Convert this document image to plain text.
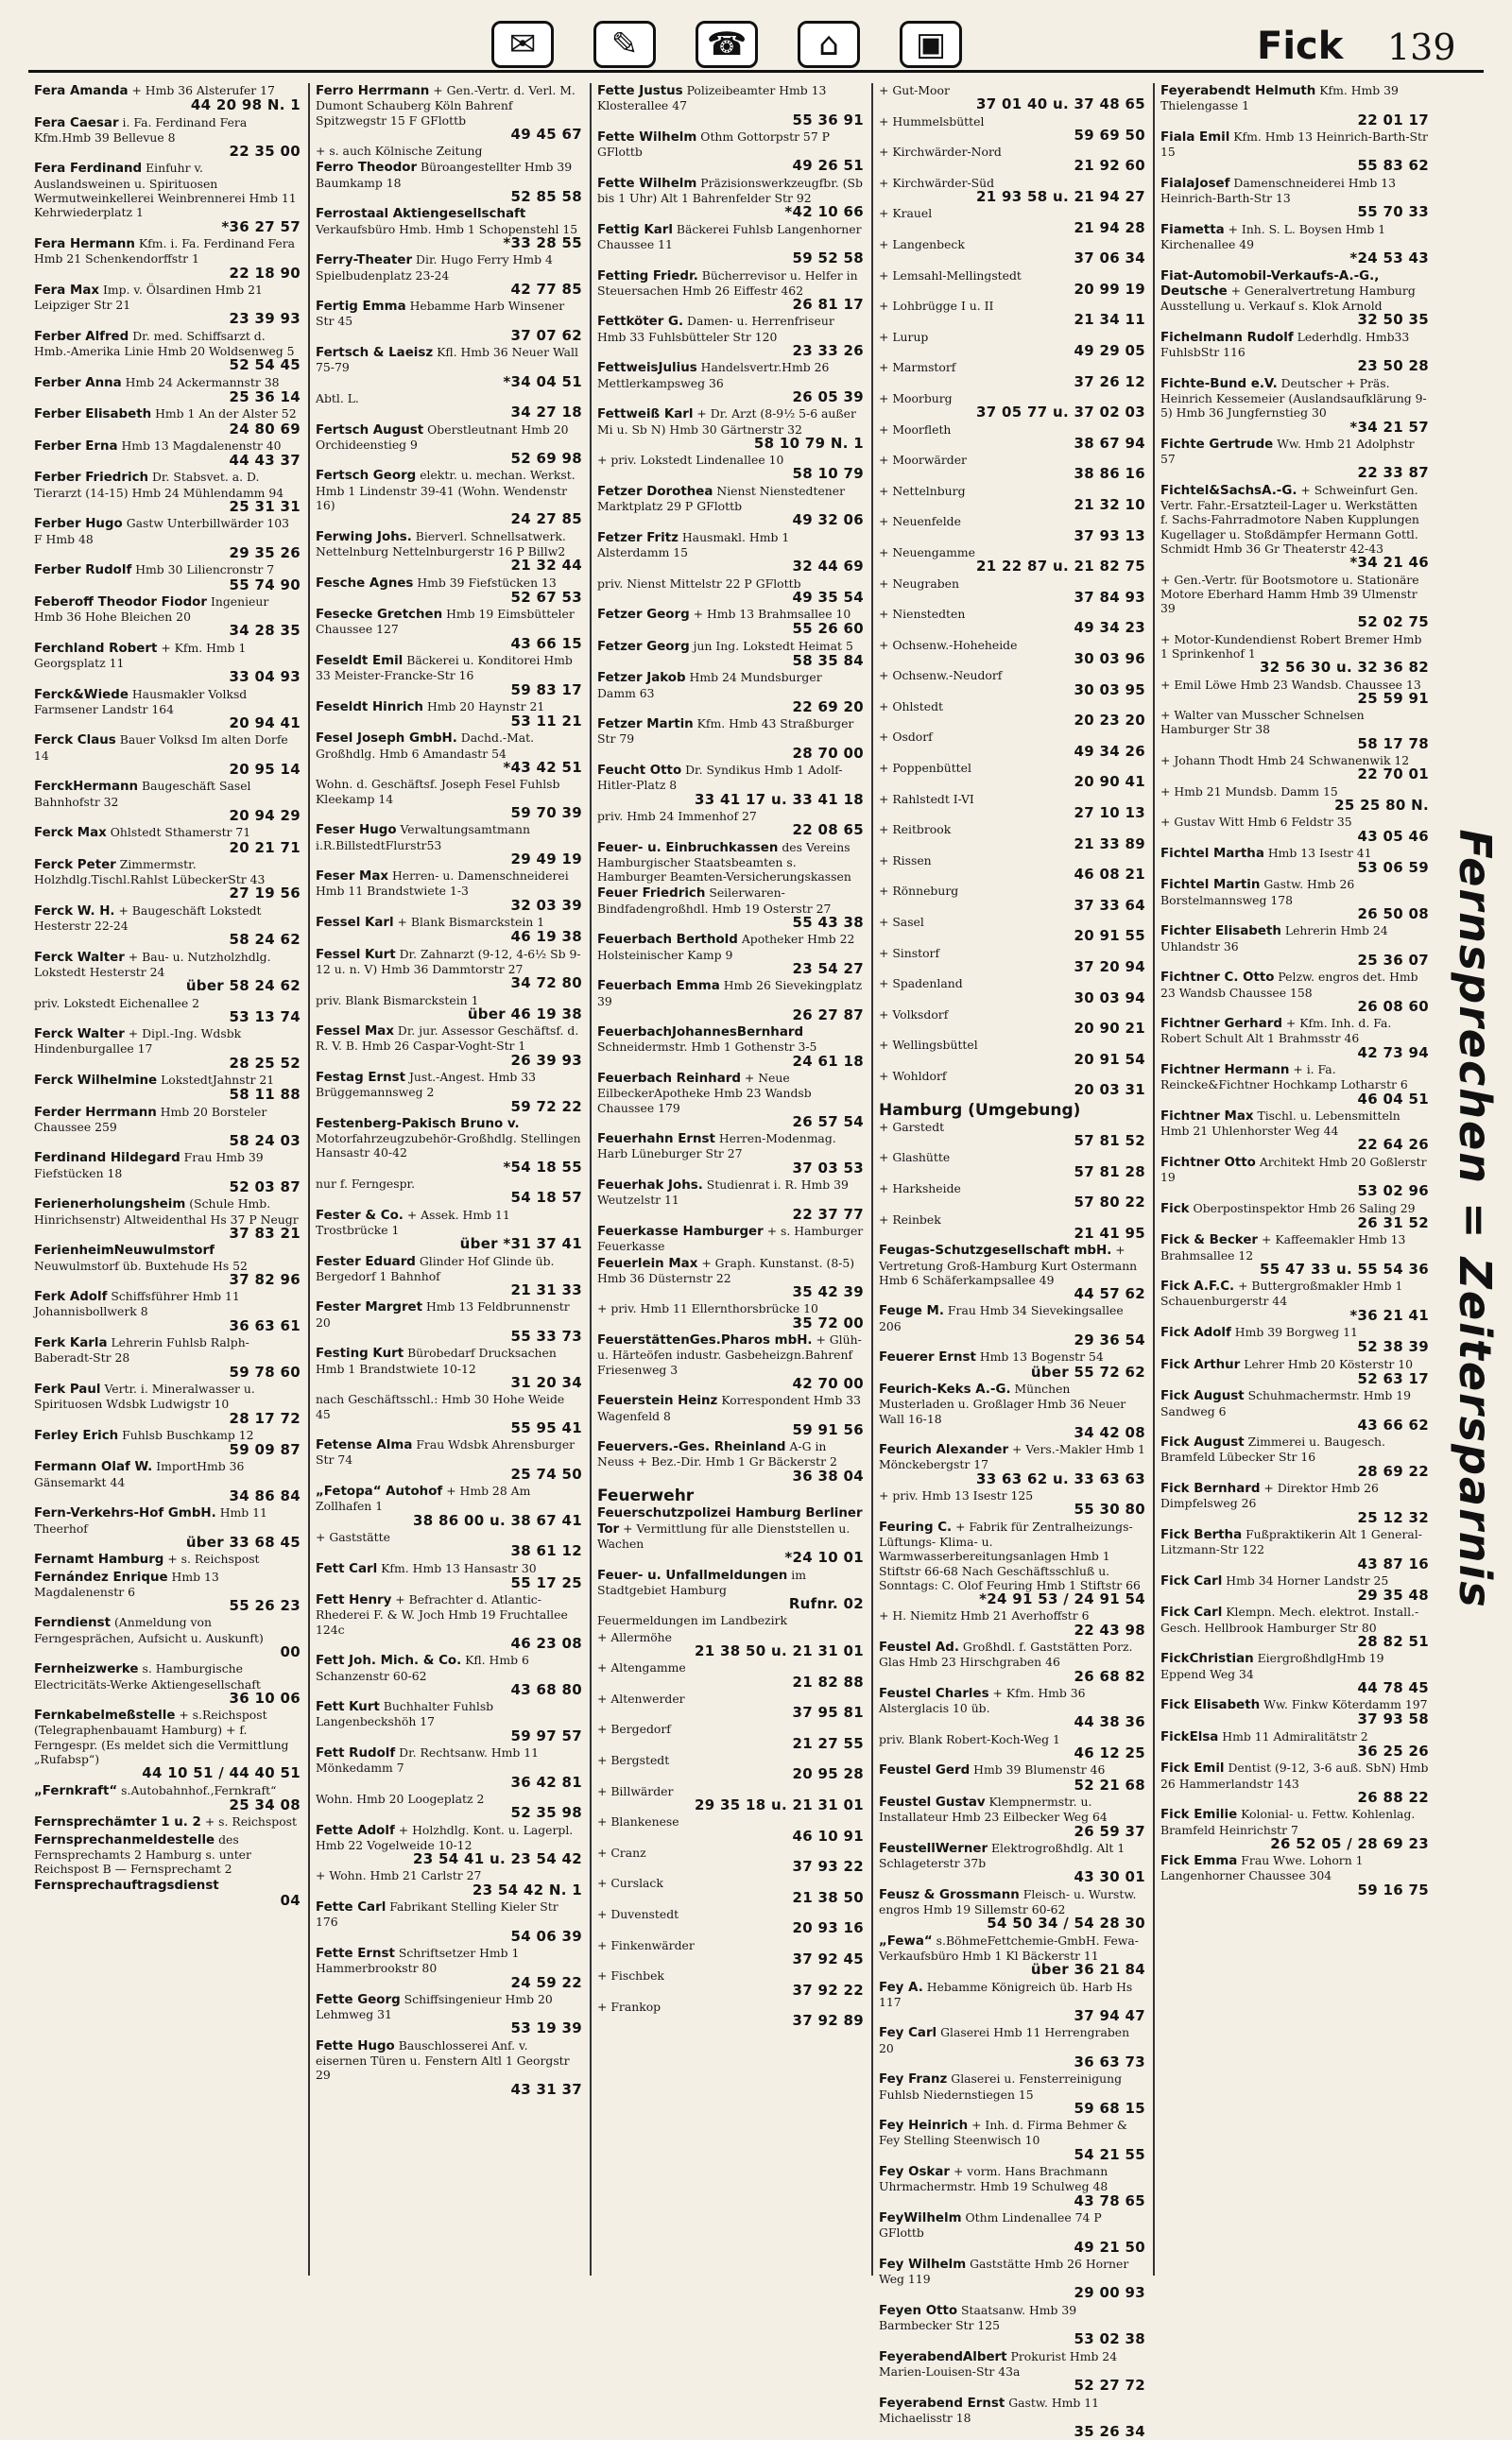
✉	✎	☎	⌂	▣	Fick 139
Fera Amanda + Hmb 36 Alsterufer 17
44 20 98 N. 1
Fera Caesar i. Fa. Ferdinand Fera Kfm.Hmb 39 Bellevue 8
22 35 00
Fera Ferdinand Einfuhr v. Auslandsweinen u. Spirituosen Wermutweinkellerei Weinbrennerei Hmb 11 Kehrwiederplatz 1
*36 27 57
Fera Hermann Kfm. i. Fa. Ferdinand Fera Hmb 21 Schenkendorffstr 1
22 18 90
Fera Max Imp. v. Ölsardinen Hmb 21 Leipziger Str 21
23 39 93
Ferber Alfred Dr. med. Schiffsarzt d. Hmb.-Amerika Linie Hmb 20 Woldsenweg 5
52 54 45
Ferber Anna Hmb 24 Ackermannstr 38
25 36 14
Ferber Elisabeth Hmb 1 An der Alster 52
24 80 69
Ferber Erna Hmb 13 Magdalenenstr 40
44 43 37
Ferber Friedrich Dr. Stabsvet. a. D. Tierarzt (14-15) Hmb 24 Mühlendamm 94
25 31 31
Ferber Hugo Gastw Unterbillwärder 103 F Hmb 48
29 35 26
Ferber Rudolf Hmb 30 Liliencronstr 7
55 74 90
Feberoff Theodor Fiodor Ingenieur Hmb 36 Hohe Bleichen 20
34 28 35
Ferchland Robert + Kfm. Hmb 1 Georgsplatz 11
33 04 93
Ferck&Wiede Hausmakler Volksd Farmsener Landstr 164
20 94 41
Ferck Claus Bauer Volksd Im alten Dorfe 14
20 95 14
FerckHermann Baugeschäft Sasel Bahnhofstr 32
20 94 29
Ferck Max Ohlstedt Sthamerstr 71
20 21 71
Ferck Peter Zimmermstr. Holzhdlg.Tischl.Rahlst LübeckerStr 43
27 19 56
Ferck W. H. + Baugeschäft Lokstedt Hesterstr 22-24
58 24 62
Ferck Walter + Bau- u. Nutzholzhdlg. Lokstedt Hesterstr 24
über 58 24 62
priv. Lokstedt Eichenallee 2
53 13 74
Ferck Walter + Dipl.-Ing. Wdsbk Hindenburgallee 17
28 25 52
Ferck Wilhelmine LokstedtJahnstr 21
58 11 88
Ferder Herrmann Hmb 20 Borsteler Chaussee 259
58 24 03
Ferdinand Hildegard Frau Hmb 39 Fiefstücken 18
52 03 87
Ferienerholungsheim (Schule Hmb. Hinrichsenstr) Altweidenthal Hs 37 P Neugr
37 83 21
FerienheimNeuwulmstorf Neuwulmstorf üb. Buxtehude Hs 52
37 82 96
Ferk Adolf Schiffsführer Hmb 11 Johannisbollwerk 8
36 63 61
Ferk Karla Lehrerin Fuhlsb Ralph-Baberadt-Str 28
59 78 60
Ferk Paul Vertr. i. Mineralwasser u. Spirituosen Wdsbk Ludwigstr 10
28 17 72
Ferley Erich Fuhlsb Buschkamp 12
59 09 87
Fermann Olaf W. ImportHmb 36 Gänsemarkt 44
34 86 84
Fern-Verkehrs-Hof GmbH. Hmb 11 Theerhof
über 33 68 45
Fernamt Hamburg + s. Reichspost
Fernández Enrique Hmb 13 Magdalenenstr 6
55 26 23
Ferndienst (Anmeldung von Ferngesprächen, Aufsicht u. Auskunft)
00
Fernheizwerke s. Hamburgische Electricitäts-Werke Aktiengesellschaft
36 10 06
Fernkabelmeßstelle + s.Reichspost (Telegraphenbauamt Hamburg) + f. Ferngespr. (Es meldet sich die Vermittlung „Rufabsp“)
44 10 51 / 44 40 51
„Fernkraft“ s.Autobahnhof.,Fernkraft“
25 34 08
Fernsprechämter 1 u. 2 + s. Reichspost
Fernsprechanmeldestelle des Fernsprechamts 2 Hamburg s. unter Reichspost B — Fernsprechamt 2
Fernsprechauftragsdienst
04
Ferro Herrmann + Gen.-Vertr. d. Verl. M. Dumont Schauberg Köln Bahrenf Spitzwegstr 15 F GFlottb
49 45 67
+ s. auch Kölnische Zeitung
Ferro Theodor Büroangestellter Hmb 39 Baumkamp 18
52 85 58
Ferrostaal Aktiengesellschaft Verkaufsbüro Hmb. Hmb 1 Schopenstehl 15
*33 28 55
Ferry-Theater Dir. Hugo Ferry Hmb 4 Spielbudenplatz 23-24
42 77 85
Fertig Emma Hebamme Harb Winsener Str 45
37 07 62
Fertsch & Laeisz Kfl. Hmb 36 Neuer Wall 75-79
*34 04 51
Abtl. L.
34 27 18
Fertsch August Oberstleutnant Hmb 20 Orchideenstieg 9
52 69 98
Fertsch Georg elektr. u. mechan. Werkst. Hmb 1 Lindenstr 39-41 (Wohn. Wendenstr 16)
24 27 85
Ferwing Johs. Bierverl. Schnellsatwerk. Nettelnburg Nettelnburgerstr 16 P Billw2
21 32 44
Fesche Agnes Hmb 39 Fiefstücken 13
52 67 53
Fesecke Gretchen Hmb 19 Eimsbütteler Chaussee 127
43 66 15
Feseldt Emil Bäckerei u. Konditorei Hmb 33 Meister-Francke-Str 16
59 83 17
Feseldt Hinrich Hmb 20 Haynstr 21
53 11 21
Fesel Joseph GmbH. Dachd.-Mat. Großhdlg. Hmb 6 Amandastr 54
*43 42 51
Wohn. d. Geschäftsf. Joseph Fesel Fuhlsb Kleekamp 14
59 70 39
Feser Hugo Verwaltungsamtmann i.R.BillstedtFlurstr53
29 49 19
Feser Max Herren- u. Damenschneiderei Hmb 11 Brandstwiete 1-3
32 03 39
Fessel Karl + Blank Bismarckstein 1
46 19 38
Fessel Kurt Dr. Zahnarzt (9-12, 4-6½ Sb 9-12 u. n. V) Hmb 36 Dammtorstr 27
34 72 80
priv. Blank Bismarckstein 1
über 46 19 38
Fessel Max Dr. jur. Assessor Geschäftsf. d. R. V. B. Hmb 26 Caspar-Voght-Str 1
26 39 93
Festag Ernst Just.-Angest. Hmb 33 Brüggemannsweg 2
59 72 22
Festenberg-Pakisch Bruno v. Motorfahrzeugzubehör-Großhdlg. Stellingen Hansastr 40-42
*54 18 55
nur f. Ferngespr.
54 18 57
Fester & Co. + Assek. Hmb 11 Trostbrücke 1
über *31 37 41
Fester Eduard Glinder Hof Glinde üb. Bergedorf 1 Bahnhof
21 31 33
Fester Margret Hmb 13 Feldbrunnenstr 20
55 33 73
Festing Kurt Bürobedarf Drucksachen Hmb 1 Brandstwiete 10-12
31 20 34
nach Geschäftsschl.: Hmb 30 Hohe Weide 45
55 95 41
Fetense Alma Frau Wdsbk Ahrensburger Str 74
25 74 50
„Fetopa“ Autohof + Hmb 28 Am Zollhafen 1
38 86 00 u. 38 67 41
+ Gaststätte
38 61 12
Fett Carl Kfm. Hmb 13 Hansastr 30
55 17 25
Fett Henry + Befrachter d. Atlantic-Rhederei F. & W. Joch Hmb 19 Fruchtallee 124c
46 23 08
Fett Joh. Mich. & Co. Kfl. Hmb 6 Schanzenstr 60-62
43 68 80
Fett Kurt Buchhalter Fuhlsb Langenbeckshöh 17
59 97 57
Fett Rudolf Dr. Rechtsanw. Hmb 11 Mönkedamm 7
36 42 81
Wohn. Hmb 20 Loogeplatz 2
52 35 98
Fette Adolf + Holzhdlg. Kont. u. Lagerpl. Hmb 22 Vogelweide 10-12
23 54 41 u. 23 54 42
+ Wohn. Hmb 21 Carlstr 27
23 54 42 N. 1
Fette Carl Fabrikant Stelling Kieler Str 176
54 06 39
Fette Ernst Schriftsetzer Hmb 1 Hammerbrookstr 80
24 59 22
Fette Georg Schiffsingenieur Hmb 20 Lehmweg 31
53 19 39
Fette Hugo Bauschlosserei Anf. v. eisernen Türen u. Fenstern Altl 1 Georgstr 29
43 31 37
Fette Justus Polizeibeamter Hmb 13 Klosterallee 47
55 36 91
Fette Wilhelm Othm Gottorpstr 57 P GFlottb
49 26 51
Fette Wilhelm Präzisionswerkzeugfbr. (Sb bis 1 Uhr) Alt 1 Bahrenfelder Str 92
*42 10 66
Fettig Karl Bäckerei Fuhlsb Langenhorner Chaussee 11
59 52 58
Fetting Friedr. Bücherrevisor u. Helfer in Steuersachen Hmb 26 Eiffestr 462
26 81 17
Fettköter G. Damen- u. Herrenfriseur Hmb 33 Fuhlsbütteler Str 120
23 33 26
FettweisJulius Handelsvertr.Hmb 26 Mettlerkampsweg 36
26 05 39
Fettweiß Karl + Dr. Arzt (8-9½ 5-6 außer Mi u. Sb N) Hmb 30 Gärtnerstr 32
58 10 79 N. 1
+ priv. Lokstedt Lindenallee 10
58 10 79
Fetzer Dorothea Nienst Nienstedtener Marktplatz 29 P GFlottb
49 32 06
Fetzer Fritz Hausmakl. Hmb 1 Alsterdamm 15
32 44 69
priv. Nienst Mittelstr 22 P GFlottb
49 35 54
Fetzer Georg + Hmb 13 Brahmsallee 10
55 26 60
Fetzer Georg jun Ing. Lokstedt Heimat 5
58 35 84
Fetzer Jakob Hmb 24 Mundsburger Damm 63
22 69 20
Fetzer Martin Kfm. Hmb 43 Straßburger Str 79
28 70 00
Feucht Otto Dr. Syndikus Hmb 1 Adolf-Hitler-Platz 8
33 41 17 u. 33 41 18
priv. Hmb 24 Immenhof 27
22 08 65
Feuer- u. Einbruchkassen des Vereins Hamburgischer Staatsbeamten s. Hamburger Beamten-Versicherungskassen
Feuer Friedrich Seilerwaren-Bindfadengroßhdl. Hmb 19 Osterstr 27
55 43 38
Feuerbach Berthold Apotheker Hmb 22 Holsteinischer Kamp 9
23 54 27
Feuerbach Emma Hmb 26 Sievekingplatz 39
26 27 87
FeuerbachJohannesBernhard Schneidermstr. Hmb 1 Gothenstr 3-5
24 61 18
Feuerbach Reinhard + Neue EilbeckerApotheke Hmb 23 Wandsb Chaussee 179
26 57 54
Feuerhahn Ernst Herren-Modenmag. Harb Lüneburger Str 27
37 03 53
Feuerhak Johs. Studienrat i. R. Hmb 39 Weutzelstr 11
22 37 77
Feuerkasse Hamburger + s. Hamburger Feuerkasse
Feuerlein Max + Graph. Kunstanst. (8-5) Hmb 36 Düsternstr 22
35 42 39
+ priv. Hmb 11 Ellernthorsbrücke 10
35 72 00
FeuerstättenGes.Pharos mbH. + Glüh- u. Härteöfen industr. Gasbeheizgn.Bahrenf Friesenweg 3
42 70 00
Feuerstein Heinz Korrespondent Hmb 33 Wagenfeld 8
59 91 56
Feuervers.-Ges. Rheinland A-G in Neuss + Bez.-Dir. Hmb 1 Gr Bäckerstr 2
36 38 04
Feuerwehr
Feuerschutzpolizei Hamburg Berliner Tor + Vermittlung für alle Dienststellen u. Wachen
*24 10 01
Feuer- u. Unfallmeldungen im Stadtgebiet Hamburg
Rufnr. 02
Feuermeldungen im Landbezirk
+ Allermöhe
21 38 50 u. 21 31 01
+ Altengamme
21 82 88
+ Altenwerder
37 95 81
+ Bergedorf
21 27 55
+ Bergstedt
20 95 28
+ Billwärder
29 35 18 u. 21 31 01
+ Blankenese
46 10 91
+ Cranz
37 93 22
+ Curslack
21 38 50
+ Duvenstedt
20 93 16
+ Finkenwärder
37 92 45
+ Fischbek
37 92 22
+ Frankop
37 92 89
+ Gut-Moor
37 01 40 u. 37 48 65
+ Hummelsbüttel
59 69 50
+ Kirchwärder-Nord
21 92 60
+ Kirchwärder-Süd
21 93 58 u. 21 94 27
+ Krauel
21 94 28
+ Langenbeck
37 06 34
+ Lemsahl-Mellingstedt
20 99 19
+ Lohbrügge I u. II
21 34 11
+ Lurup
49 29 05
+ Marmstorf
37 26 12
+ Moorburg
37 05 77 u. 37 02 03
+ Moorfleth
38 67 94
+ Moorwärder
38 86 16
+ Nettelnburg
21 32 10
+ Neuenfelde
37 93 13
+ Neuengamme
21 22 87 u. 21 82 75
+ Neugraben
37 84 93
+ Nienstedten
49 34 23
+ Ochsenw.-Hoheheide
30 03 96
+ Ochsenw.-Neudorf
30 03 95
+ Ohlstedt
20 23 20
+ Osdorf
49 34 26
+ Poppenbüttel
20 90 41
+ Rahlstedt I-VI
27 10 13
+ Reitbrook
21 33 89
+ Rissen
46 08 21
+ Rönneburg
37 33 64
+ Sasel
20 91 55
+ Sinstorf
37 20 94
+ Spadenland
30 03 94
+ Volksdorf
20 90 21
+ Wellingsbüttel
20 91 54
+ Wohldorf
20 03 31
Hamburg (Umgebung)
+ Garstedt
57 81 52
+ Glashütte
57 81 28
+ Harksheide
57 80 22
+ Reinbek
21 41 95
Feugas-Schutzgesellschaft mbH. + Vertretung Groß-Hamburg Kurt Ostermann Hmb 6 Schäferkampsallee 49
44 57 62
Feuge M. Frau Hmb 34 Sievekingsallee 206
29 36 54
Feuerer Ernst Hmb 13 Bogenstr 54
über 55 72 62
Feurich-Keks A.-G. München Musterladen u. Großlager Hmb 36 Neuer Wall 16-18
34 42 08
Feurich Alexander + Vers.-Makler Hmb 1 Mönckebergstr 17
33 63 62 u. 33 63 63
+ priv. Hmb 13 Isestr 125
55 30 80
Feuring C. + Fabrik für Zentralheizungs- Lüftungs- Klima- u. Warmwasserbereitungsanlagen Hmb 1 Stiftstr 66-68 Nach Geschäftsschluß u. Sonntags: C. Olof Feuring Hmb 1 Stiftstr 66
*24 91 53 / 24 91 54
+ H. Niemitz Hmb 21 Averhoffstr 6
22 43 98
Feustel Ad. Großhdl. f. Gaststätten Porz. Glas Hmb 23 Hirschgraben 46
26 68 82
Feustel Charles + Kfm. Hmb 36 Alsterglacis 10 üb.
44 38 36
priv. Blank Robert-Koch-Weg 1
46 12 25
Feustel Gerd Hmb 39 Blumenstr 46
52 21 68
Feustel Gustav Klempnermstr. u. Installateur Hmb 23 Eilbecker Weg 64
26 59 37
FeustellWerner Elektrogroßhdlg. Alt 1 Schlageterstr 37b
43 30 01
Feusz & Grossmann Fleisch- u. Wurstw. engros Hmb 19 Sillemstr 60-62
54 50 34 / 54 28 30
„Fewa“ s.BöhmeFettchemie-GmbH. Fewa-Verkaufsbüro Hmb 1 Kl Bäckerstr 11
über 36 21 84
Fey A. Hebamme Königreich üb. Harb Hs 117
37 94 47
Fey Carl Glaserei Hmb 11 Herrengraben 20
36 63 73
Fey Franz Glaserei u. Fensterreinigung Fuhlsb Niedernstiegen 15
59 68 15
Fey Heinrich + Inh. d. Firma Behmer & Fey Stelling Steenwisch 10
54 21 55
Fey Oskar + vorm. Hans Brachmann Uhrmachermstr. Hmb 19 Schulweg 48
43 78 65
FeyWilhelm Othm Lindenallee 74 P GFlottb
49 21 50
Fey Wilhelm Gaststätte Hmb 26 Horner Weg 119
29 00 93
Feyen Otto Staatsanw. Hmb 39 Barmbecker Str 125
53 02 38
FeyerabendAlbert Prokurist Hmb 24 Marien-Louisen-Str 43a
52 27 72
Feyerabend Ernst Gastw. Hmb 11 Michaelisstr 18
35 26 34
Feyerabendt Helmuth Kfm. Hmb 39 Thielengasse 1
22 01 17
Fiala Emil Kfm. Hmb 13 Heinrich-Barth-Str 15
55 83 62
FialaJosef Damenschneiderei Hmb 13 Heinrich-Barth-Str 13
55 70 33
Fiametta + Inh. S. L. Boysen Hmb 1 Kirchenallee 49
*24 53 43
Fiat-Automobil-Verkaufs-A.-G., Deutsche + Generalvertretung Hamburg Ausstellung u. Verkauf s. Klok Arnold
32 50 35
Fichelmann Rudolf Lederhdlg. Hmb33 FuhlsbStr 116
23 50 28
Fichte-Bund e.V. Deutscher + Präs. Heinrich Kessemeier (Auslandsaufklärung 9-5) Hmb 36 Jungfernstieg 30
*34 21 57
Fichte Gertrude Ww. Hmb 21 Adolphstr 57
22 33 87
Fichtel&SachsA.-G. + Schweinfurt Gen. Vertr. Fahr.-Ersatzteil-Lager u. Werkstätten f. Sachs-Fahrradmotore Naben Kupplungen Kugellager u. Stoßdämpfer Hermann Gottl. Schmidt Hmb 36 Gr Theaterstr 42-43
*34 21 46
+ Gen.-Vertr. für Bootsmotore u. Stationäre Motore Eberhard Hamm Hmb 39 Ulmenstr 39
52 02 75
+ Motor-Kundendienst Robert Bremer Hmb 1 Sprinkenhof 1
32 56 30 u. 32 36 82
+ Emil Löwe Hmb 23 Wandsb. Chaussee 13
25 59 91
+ Walter van Musscher Schnelsen Hamburger Str 38
58 17 78
+ Johann Thodt Hmb 24 Schwanenwik 12
22 70 01
+ Hmb 21 Mundsb. Damm 15
25 25 80 N.
+ Gustav Witt Hmb 6 Feldstr 35
43 05 46
Fichtel Martha Hmb 13 Isestr 41
53 06 59
Fichtel Martin Gastw. Hmb 26 Borstelmannsweg 178
26 50 08
Fichter Elisabeth Lehrerin Hmb 24 Uhlandstr 36
25 36 07
Fichtner C. Otto Pelzw. engros det. Hmb 23 Wandsb Chaussee 158
26 08 60
Fichtner Gerhard + Kfm. Inh. d. Fa. Robert Schult Alt 1 Brahmsstr 46
42 73 94
Fichtner Hermann + i. Fa. Reincke&Fichtner Hochkamp Lotharstr 6
46 04 51
Fichtner Max Tischl. u. Lebensmitteln Hmb 21 Uhlenhorster Weg 44
22 64 26
Fichtner Otto Architekt Hmb 20 Goßlerstr 19
53 02 96
Fick Oberpostinspektor Hmb 26 Saling 29
26 31 52
Fick & Becker + Kaffeemakler Hmb 13 Brahmsallee 12
55 47 33 u. 55 54 36
Fick A.F.C. + Buttergroßmakler Hmb 1 Schauenburgerstr 44
*36 21 41
Fick Adolf Hmb 39 Borgweg 11
52 38 39
Fick Arthur Lehrer Hmb 20 Kösterstr 10
52 63 17
Fick August Schuhmachermstr. Hmb 19 Sandweg 6
43 66 62
Fick August Zimmerei u. Baugesch. Bramfeld Lübecker Str 16
28 69 22
Fick Bernhard + Direktor Hmb 26 Dimpfelsweg 26
25 12 32
Fick Bertha Fußpraktikerin Alt 1 General-Litzmann-Str 122
43 87 16
Fick Carl Hmb 34 Horner Landstr 25
29 35 48
Fick Carl Klempn. Mech. elektrot. Install.-Gesch. Hellbrook Hamburger Str 80
28 82 51
FickChristian EiergroßhdlgHmb 19 Eppend Weg 34
44 78 45
Fick Elisabeth Ww. Finkw Köterdamm 197
37 93 58
FickElsa Hmb 11 Admiralitätstr 2
36 25 26
Fick Emil Dentist (9-12, 3-6 auß. SbN) Hmb 26 Hammerlandstr 143
26 88 22
Fick Emilie Kolonial- u. Fettw. Kohlenlag. Bramfeld Heinrichstr 7
26 52 05 / 28 69 23
Fick Emma Frau Wwe. Lohorn 1 Langenhorner Chaussee 304
59 16 75
Fernsprechen = Zeitersparnis
